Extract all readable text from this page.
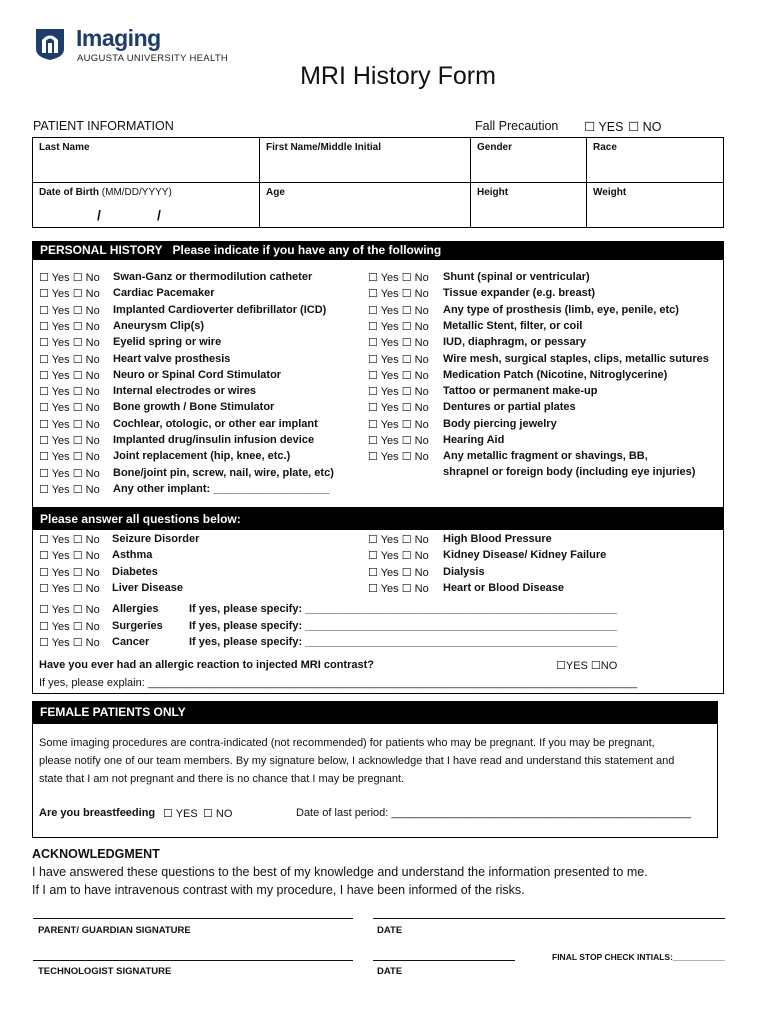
Imaging
AUGUSTA UNIVERSITY HEALTH
MRI History Form
PATIENT INFORMATION	Fall Precaution ☐ YES ☐ NO
Last Name	First Name/Middle Initial	Gender	Race
Date of Birth (MM/DD/YYYY)
/ /	Age	Height	Weight
PERSONAL HISTORY Please indicate if you have any of the following
☐ Yes ☐ No Swan-Ganz or thermodilution catheter
☐ Yes ☐ No Cardiac Pacemaker
☐ Yes ☐ No Implanted Cardioverter defibrillator (ICD)
☐ Yes ☐ No Aneurysm Clip(s)
☐ Yes ☐ No Eyelid spring or wire
☐ Yes ☐ No Heart valve prosthesis
☐ Yes ☐ No Neuro or Spinal Cord Stimulator
☐ Yes ☐ No Internal electrodes or wires
☐ Yes ☐ No Bone growth / Bone Stimulator
☐ Yes ☐ No Cochlear, otologic, or other ear implant
☐ Yes ☐ No Implanted drug/insulin infusion device
☐ Yes ☐ No Joint replacement (hip, knee, etc.)
☐ Yes ☐ No Bone/joint pin, screw, nail, wire, plate, etc)
☐ Yes ☐ No Any other implant: ___________________
☐ Yes ☐ No Shunt (spinal or ventricular)
☐ Yes ☐ No Tissue expander (e.g. breast)
☐ Yes ☐ No Any type of prosthesis (limb, eye, penile, etc)
☐ Yes ☐ No Metallic Stent, filter, or coil
☐ Yes ☐ No IUD, diaphragm, or pessary
☐ Yes ☐ No Wire mesh, surgical staples, clips, metallic sutures
☐ Yes ☐ No Medication Patch (Nicotine, Nitroglycerine)
☐ Yes ☐ No Tattoo or permanent make-up
☐ Yes ☐ No Dentures or partial plates
☐ Yes ☐ No Body piercing jewelry
☐ Yes ☐ No Hearing Aid
☐ Yes ☐ No Any metallic fragment or shavings, BB,
shrapnel or foreign body (including eye injuries)
Please answer all questions below:
☐ Yes ☐ No Seizure Disorder
☐ Yes ☐ No Asthma
☐ Yes ☐ No Diabetes
☐ Yes ☐ No Liver Disease
☐ Yes ☐ No High Blood Pressure
☐ Yes ☐ No Kidney Disease/ Kidney Failure
☐ Yes ☐ No Dialysis
☐ Yes ☐ No Heart or Blood Disease
☐ Yes ☐ No Allergies	If yes, please specify: ___________________________________________________
☐ Yes ☐ No Surgeries If yes, please specify: ___________________________________________________
☐ Yes ☐ No Cancer	If yes, please specify: ___________________________________________________
Have you ever had an allergic reaction to injected MRI contrast?	☐YES ☐NO
If yes, please explain: ________________________________________________________________________________
FEMALE PATIENTS ONLY
Some imaging procedures are contra-indicated (not recommended) for patients who may be pregnant. If you may be pregnant,
please notify one of our team members. By my signature below, I acknowledge that I have read and understand this statement and
state that I am not pregnant and there is no chance that I may be pregnant.
Are you breastfeeding ☐ YES ☐ NO	Date of last period: _________________________________________________
ACKNOWLEDGMENT
I have answered these questions to the best of my knowledge and understand the information presented to me.
If I am to have intravenous contrast with my procedure, I have been informed of the risks.
PARENT/ GUARDIAN SIGNATURE	DATE
TECHNOLOGIST SIGNATURE	DATE
FINAL STOP CHECK INTIALS:___________
